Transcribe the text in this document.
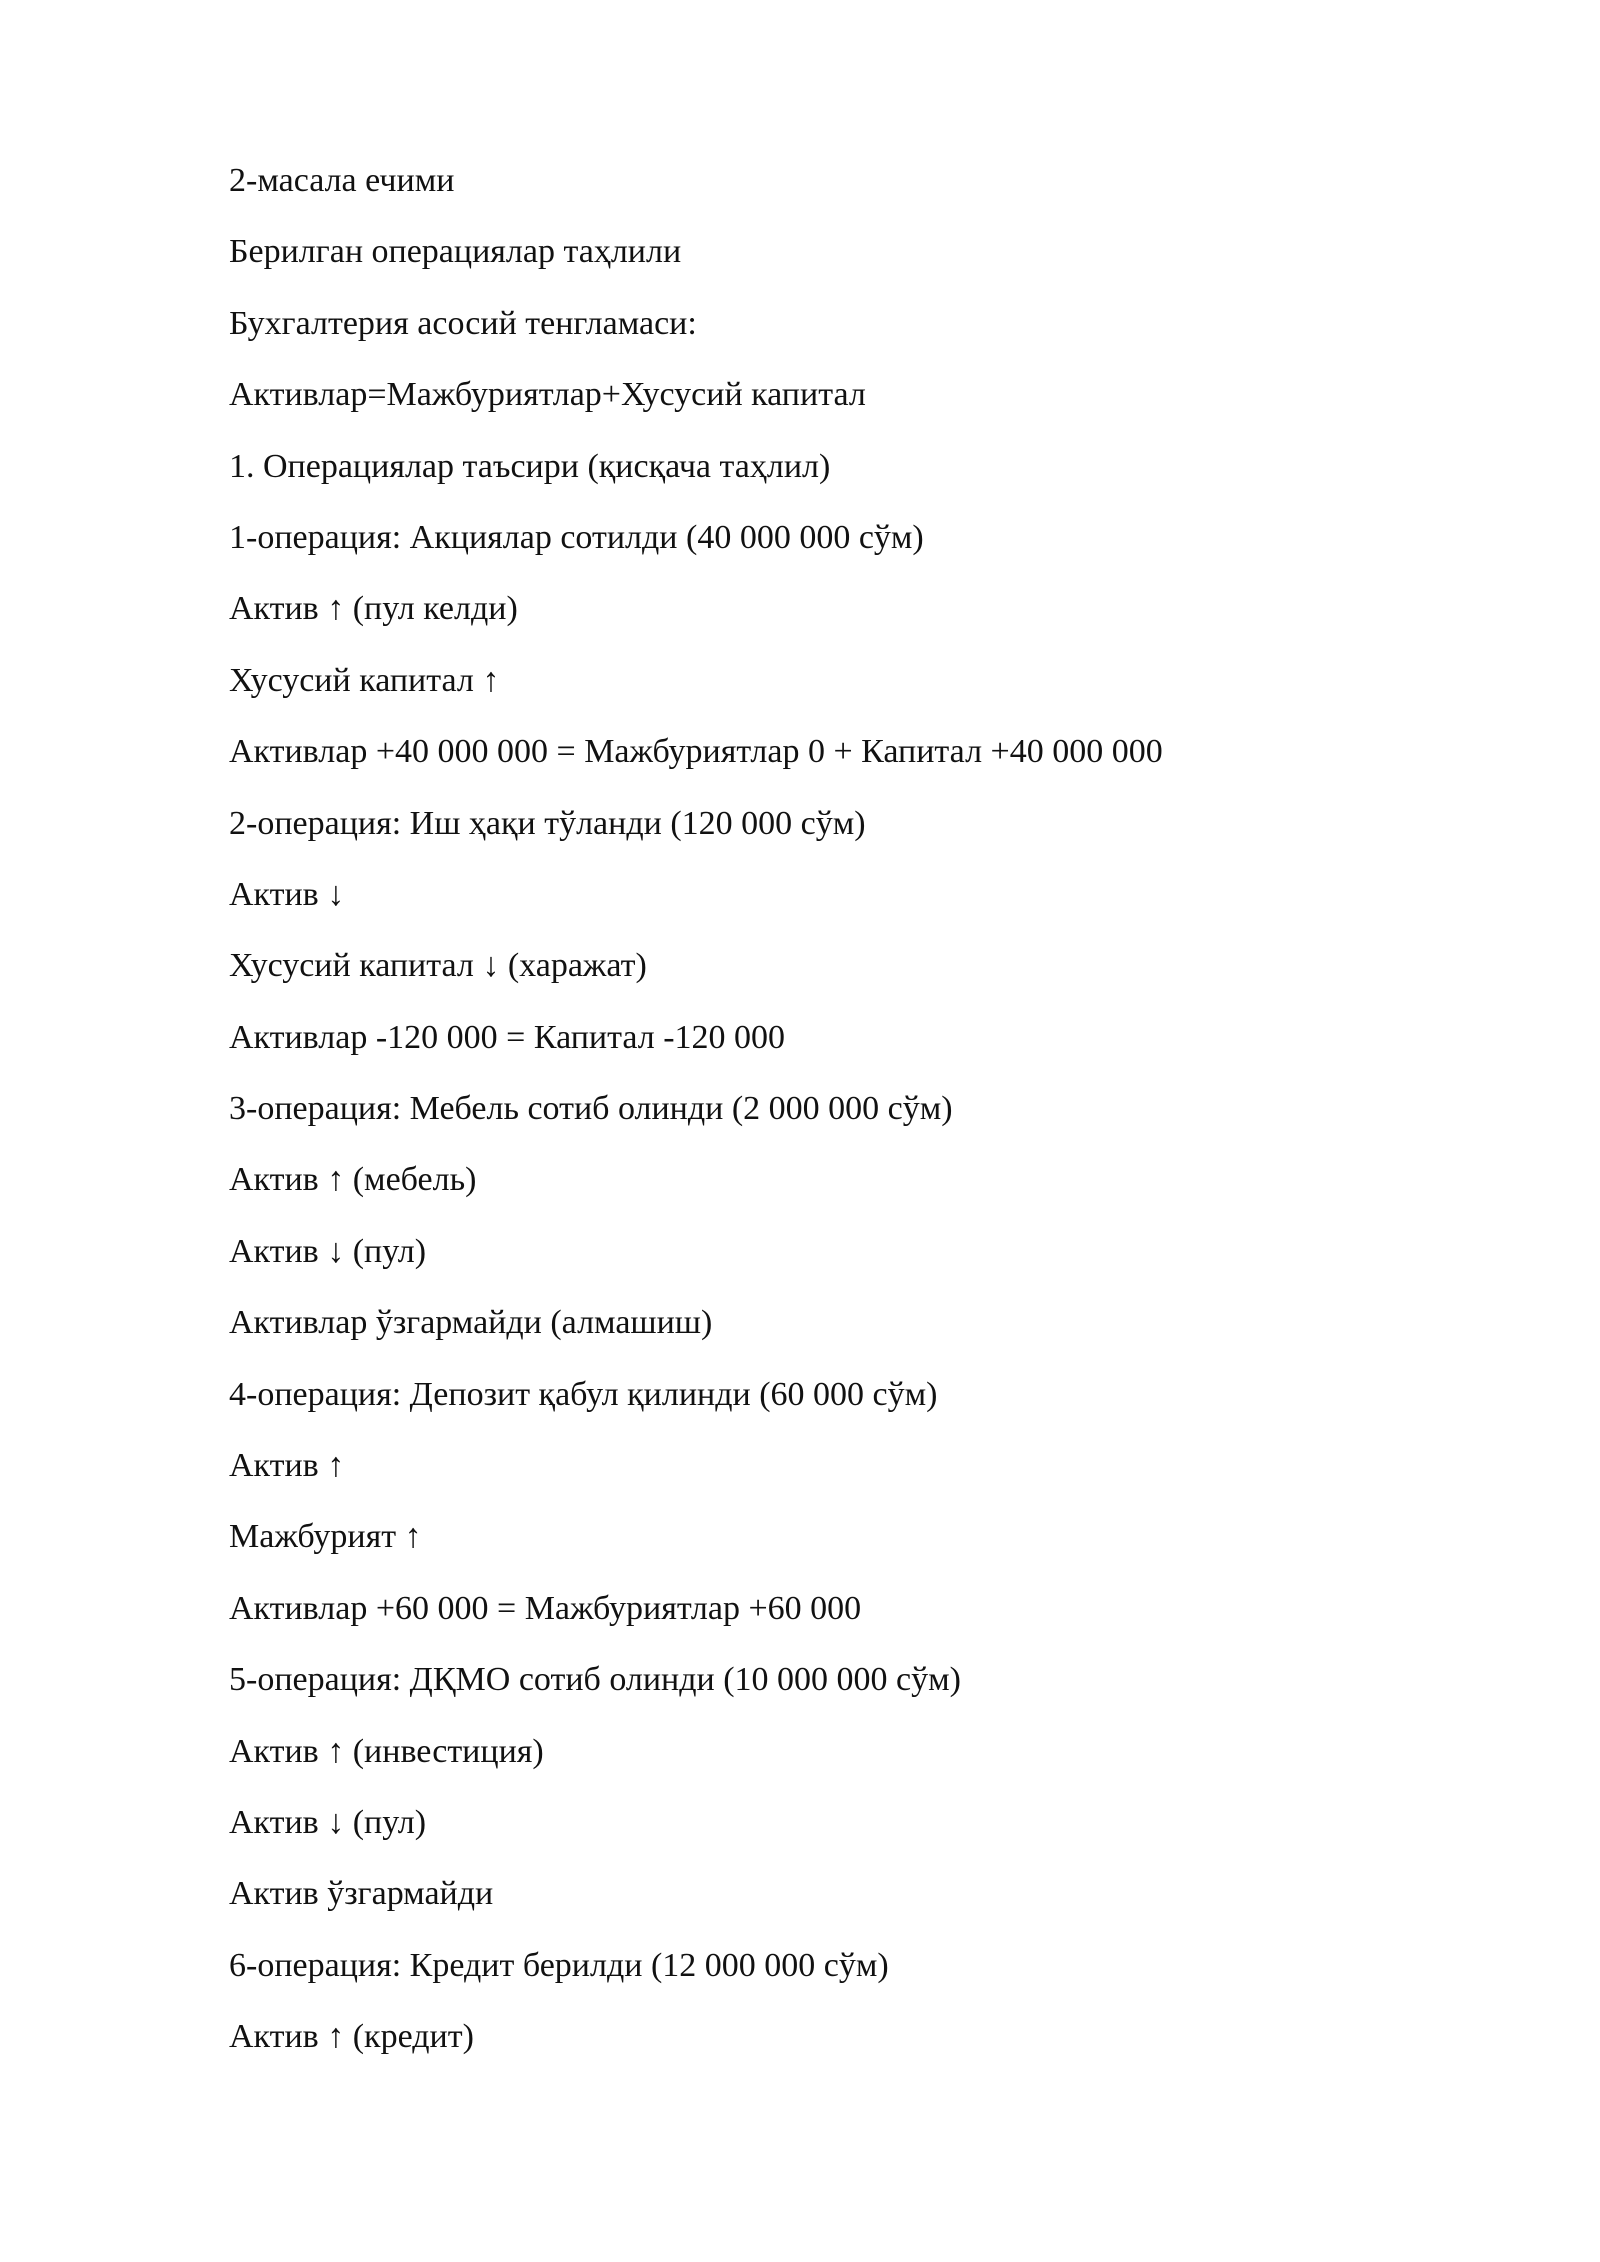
2-масала ечими
Берилган операциялар таҳлили
Бухгалтерия асосий тенгламаси:
Активлар=Мажбуриятлар+Хусусий капитал
1. Операциялар таъсири (қисқача таҳлил)
1-операция: Акциялар сотилди (40 000 000 сўм)
Актив ↑ (пул келди)
Хусусий капитал ↑
Активлар +40 000 000 = Мажбуриятлар 0 + Капитал +40 000 000
2-операция: Иш ҳақи тўланди (120 000 сўм)
Актив ↓
Хусусий капитал ↓ (харажат)
Активлар -120 000 = Капитал -120 000
3-операция: Мебель сотиб олинди (2 000 000 сўм)
Актив ↑ (мебель)
Актив ↓ (пул)
Активлар ўзгармайди (алмашиш)
4-операция: Депозит қабул қилинди (60 000 сўм)
Актив ↑
Мажбурият ↑
Активлар +60 000 = Мажбуриятлар +60 000
5-операция: ДҚМО сотиб олинди (10 000 000 сўм)
Актив ↑ (инвестиция)
Актив ↓ (пул)
Актив ўзгармайди
6-операция: Кредит берилди (12 000 000 сўм)
Актив ↑ (кредит)
